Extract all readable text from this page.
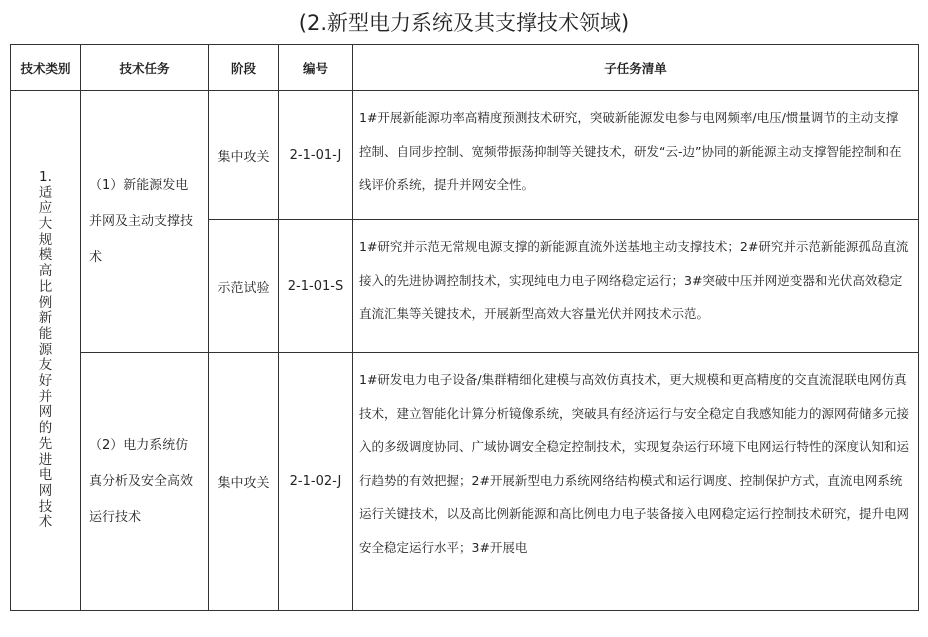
(2.新型电力系统及其支撑技术领域)
技术类别	技术任务	阶段	编号	子任务清单
1.适应大规模高比例新能源友好并网的先进电网技术	（1）新能源发电并网及主动支撑技术	集中攻关	2-1-01-J	1#开展新能源功率高精度预测技术研究，突破新能源发电参与电网频率/电压/惯量调节的主动支撑控制、自同步控制、宽频带振荡抑制等关键技术，研发“云-边”协同的新能源主动支撑智能控制和在线评价系统，提升并网安全性。

		示范试验	2-1-01-S	1#研究并示范无常规电源支撑的新能源直流外送基地主动支撑技术；2#研究并示范新能源孤岛直流接入的先进协调控制技术，实现纯电力电子网络稳定运行；3#突破中压并网逆变器和光伏高效稳定直流汇集等关键技术，开展新型高效大容量光伏并网技术示范。

	（2）电力系统仿真分析及安全高效运行技术	集中攻关	2-1-02-J	1#研发电力电子设备/集群精细化建模与高效仿真技术，更大规模和更高精度的交直流混联电网仿真技术，建立智能化计算分析镜像系统，突破具有经济运行与安全稳定自我感知能力的源网荷储多元接入的多级调度协同、广域协调安全稳定控制技术，实现复杂运行环境下电网运行特性的深度认知和运行趋势的有效把握；2#开展新型电力系统网络结构模式和运行调度、控制保护方式，直流电网系统运行关键技术，以及高比例新能源和高比例电力电子装备接入电网稳定运行控制技术研究，提升电网安全稳定运行水平；3#开展电
